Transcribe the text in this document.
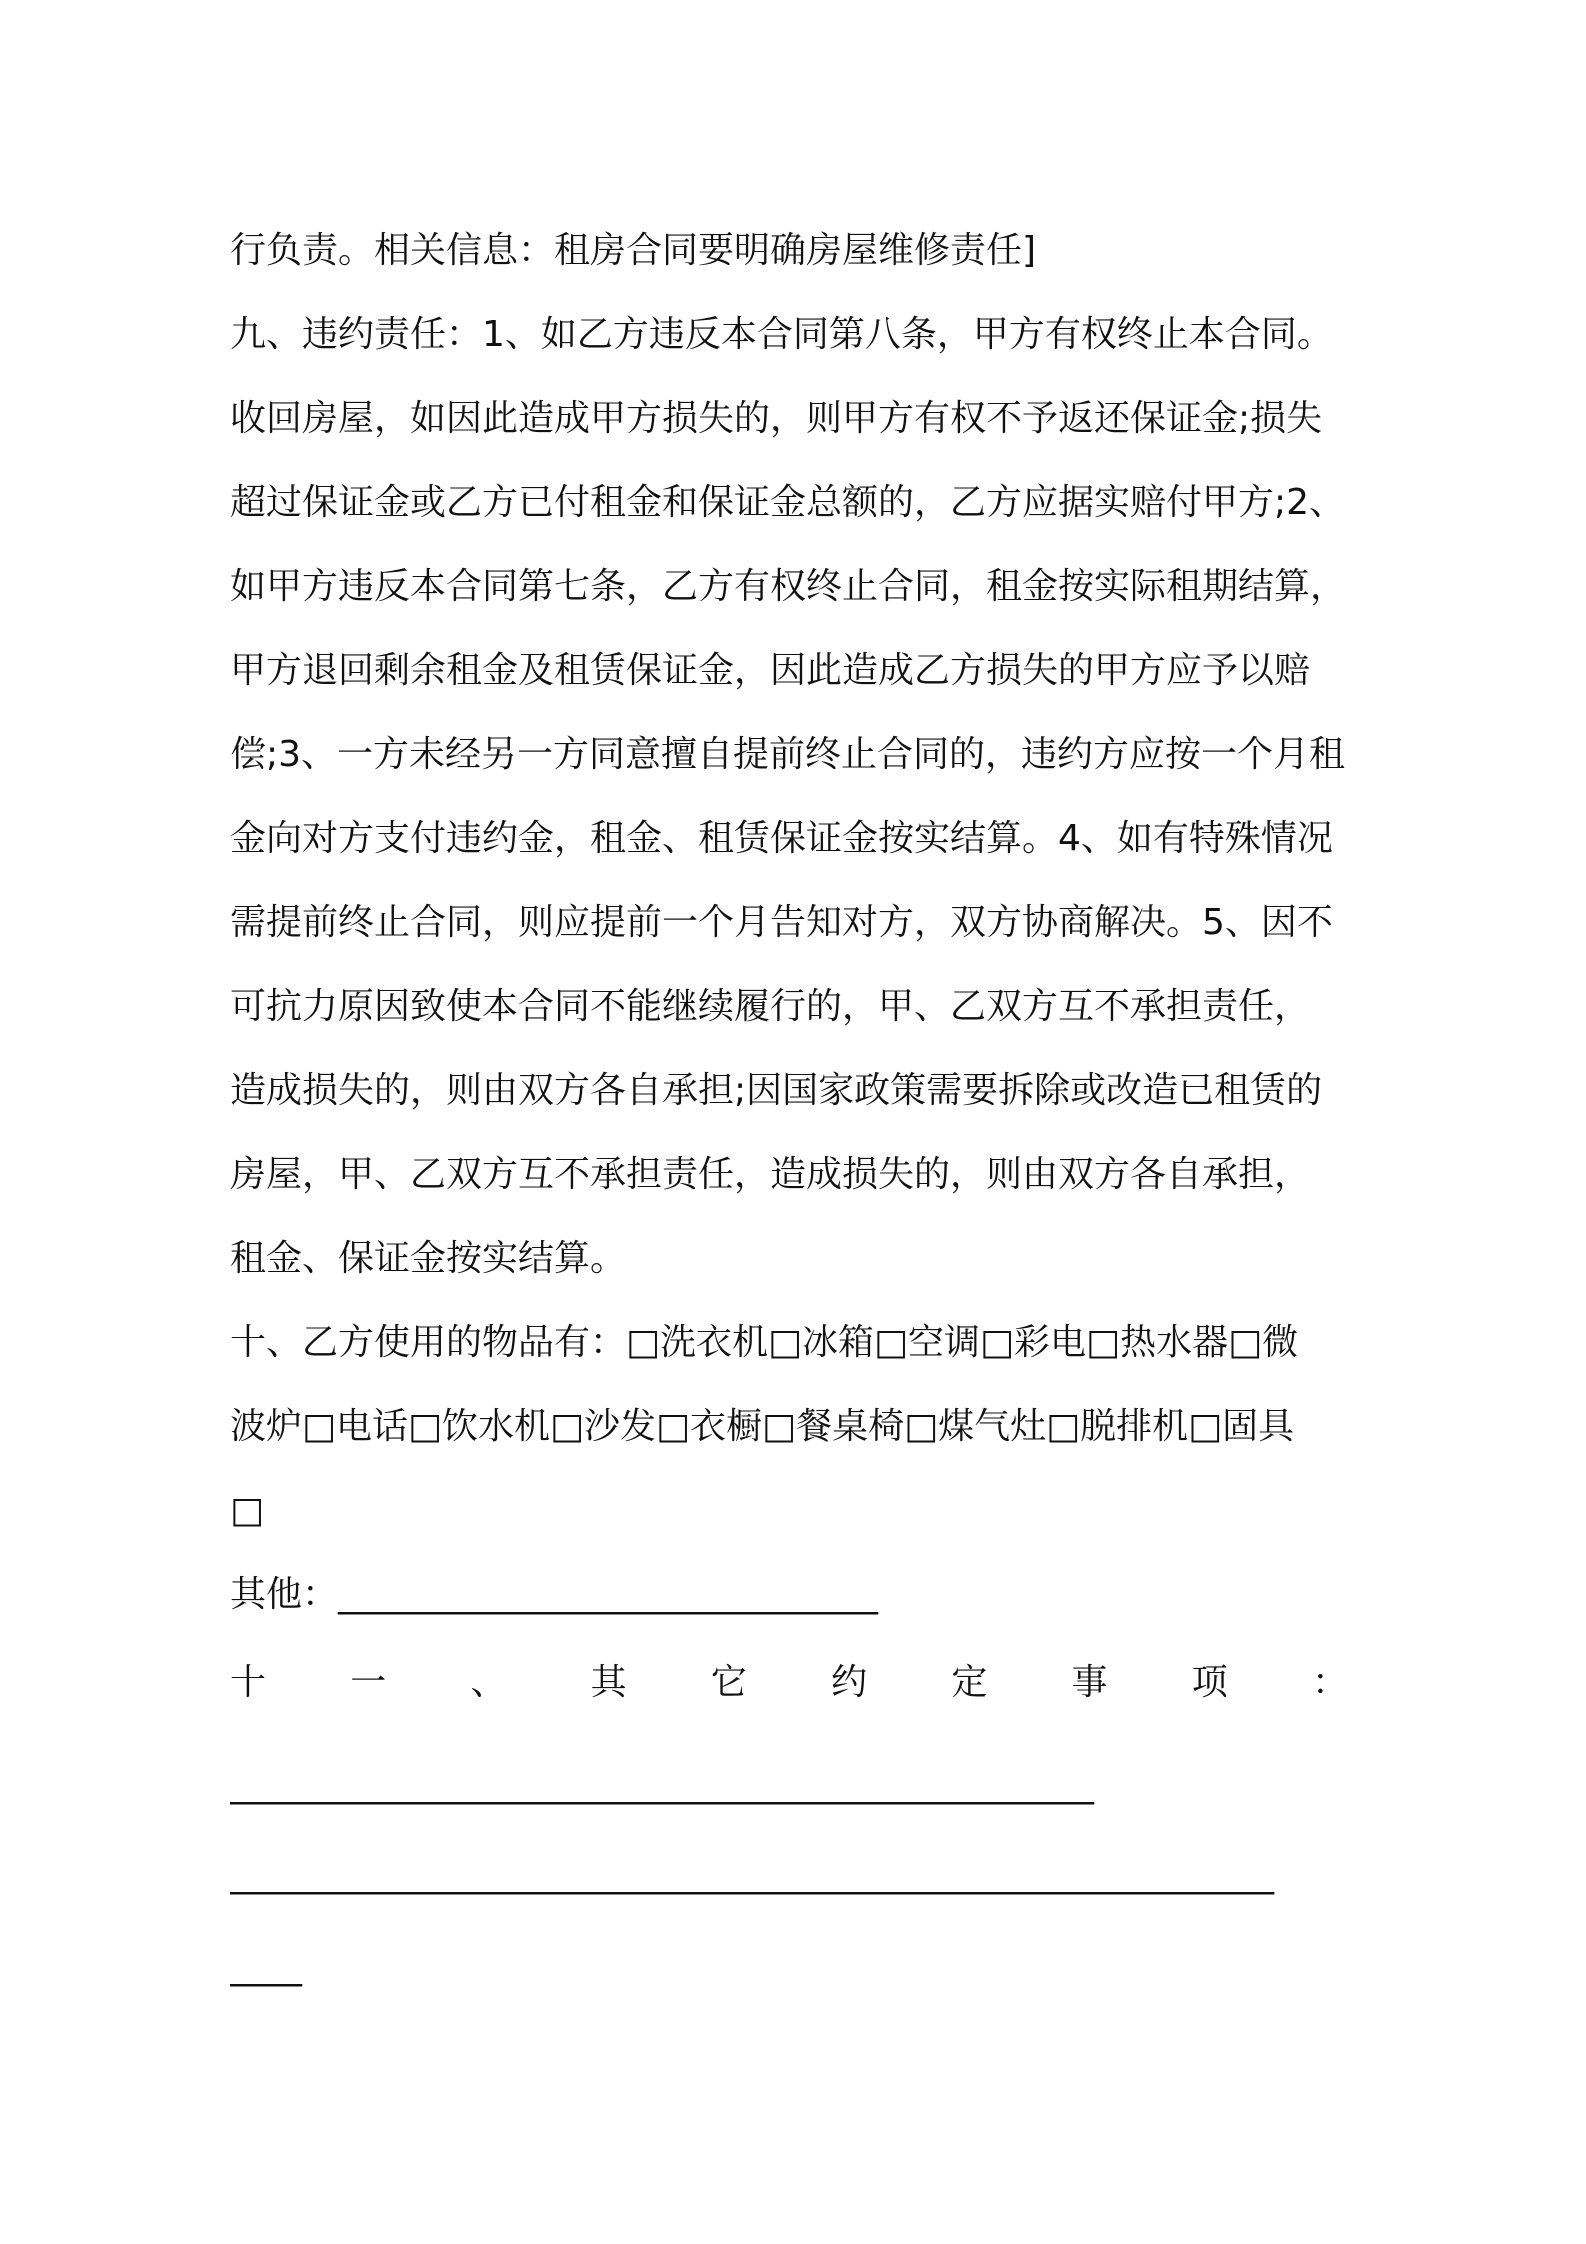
行负责。相关信息：租房合同要明确房屋维修责任]
九、违约责任：1、如乙方违反本合同第八条，甲方有权终止本合同。
收回房屋，如因此造成甲方损失的，则甲方有权不予返还保证金;损失
超过保证金或乙方已付租金和保证金总额的，乙方应据实赔付甲方;2、
如甲方违反本合同第七条，乙方有权终止合同，租金按实际租期结算，
甲方退回剩余租金及租赁保证金，因此造成乙方损失的甲方应予以赔
偿;3、一方未经另一方同意擅自提前终止合同的，违约方应按一个月租
金向对方支付违约金，租金、租赁保证金按实结算。4、如有特殊情况
需提前终止合同，则应提前一个月告知对方，双方协商解决。5、因不
可抗力原因致使本合同不能继续履行的，甲、乙双方互不承担责任，
造成损失的，则由双方各自承担;因国家政策需要拆除或改造已租赁的
房屋，甲、乙双方互不承担责任，造成损失的，则由双方各自承担，
租金、保证金按实结算。
十、乙方使用的物品有：□洗衣机□冰箱□空调□彩电□热水器□微
波炉□电话□饮水机□沙发□衣橱□餐桌椅□煤气灶□脱排机□固具
□
其他：______________________________
十 一 、 其 它 约 定 事 项 ：
________________________________________________
__________________________________________________________
____
